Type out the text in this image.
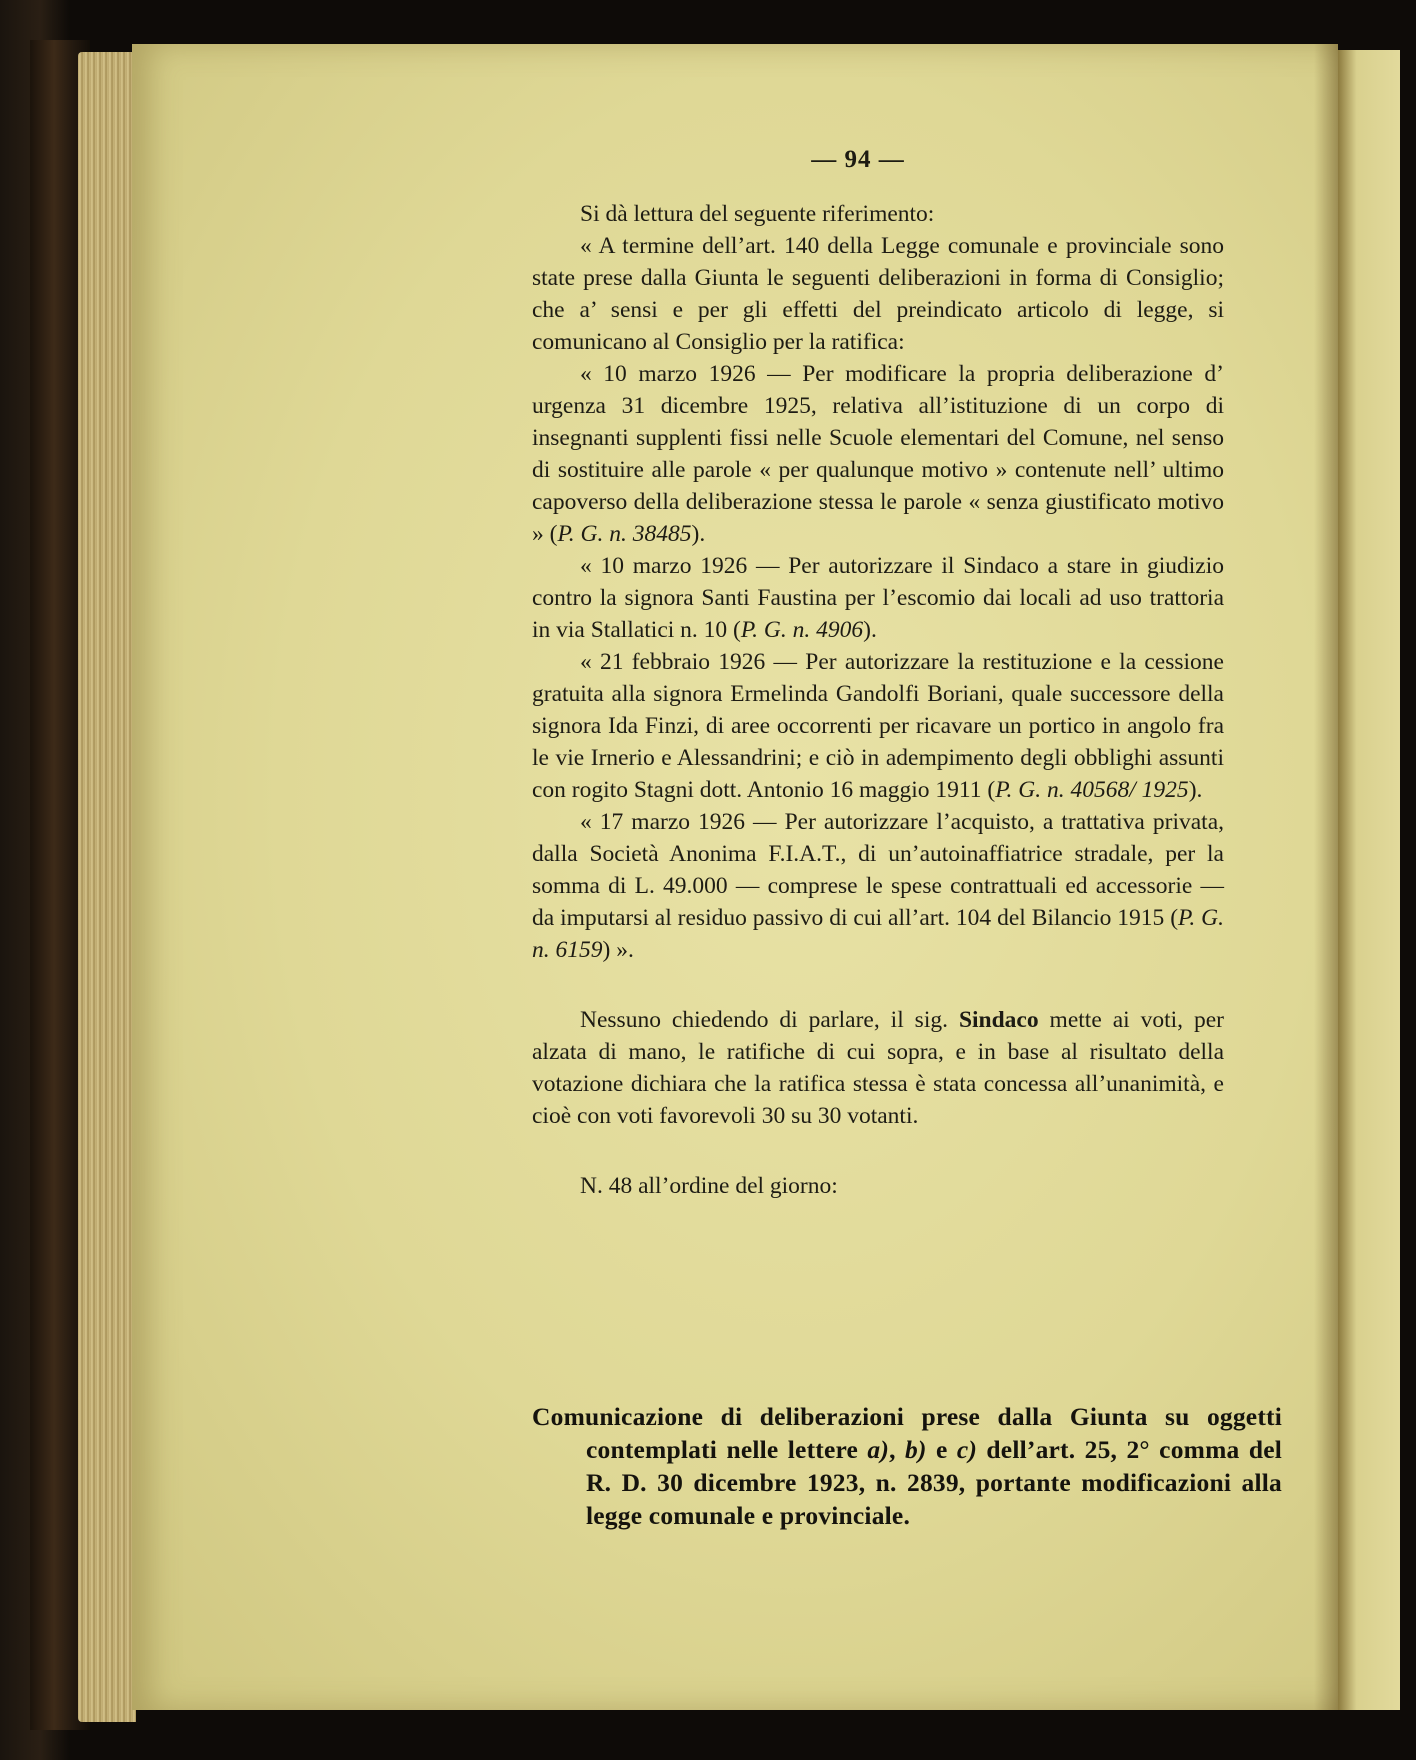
— 94 —

Si dà lettura del seguente riferimento:

« A termine dell’art. 140 della Legge comunale e provinciale sono state prese dalla Giunta le seguenti deliberazioni in forma di Consiglio; che a’ sensi e per gli effetti del preindicato articolo di legge, si comunicano al Consiglio per la ratifica:

« 10 marzo 1926 — Per modificare la propria deliberazione d’ urgenza 31 dicembre 1925, relativa all’istituzione di un corpo di insegnanti supplenti fissi nelle Scuole elementari del Comune, nel senso di sostituire alle parole « per qualunque motivo » contenute nell’ ultimo capoverso della deliberazione stessa le parole « senza giustificato motivo » (P. G. n. 38485).

« 10 marzo 1926 — Per autorizzare il Sindaco a stare in giudizio contro la signora Santi Faustina per l’escomio dai locali ad uso trattoria in via Stallatici n. 10 (P. G. n. 4906).

« 21 febbraio 1926 — Per autorizzare la restituzione e la cessione gratuita alla signora Ermelinda Gandolfi Boriani, quale successore della signora Ida Finzi, di aree occorrenti per ricavare un portico in angolo fra le vie Irnerio e Alessandrini; e ciò in adempimento degli obblighi assunti con rogito Stagni dott. Antonio 16 maggio 1911 (P. G. n. 40568/ 1925).

« 17 marzo 1926 — Per autorizzare l’acquisto, a trattativa privata, dalla Società Anonima F.I.A.T., di un’autoinaffiatrice stradale, per la somma di L. 49.000 — comprese le spese contrattuali ed accessorie — da imputarsi al residuo passivo di cui all’art. 104 del Bilancio 1915 (P. G. n. 6159) ».

Nessuno chiedendo di parlare, il sig. Sindaco mette ai voti, per alzata di mano, le ratifiche di cui sopra, e in base al risultato della votazione dichiara che la ratifica stessa è stata concessa all’unanimità, e cioè con voti favorevoli 30 su 30 votanti.

N. 48 all’ordine del giorno:

Comunicazione di deliberazioni prese dalla Giunta su oggetti contemplati nelle lettere a), b) e c) dell’art. 25, 2° comma del R. D. 30 dicembre 1923, n. 2839, portante modificazioni alla legge comunale e provinciale.
